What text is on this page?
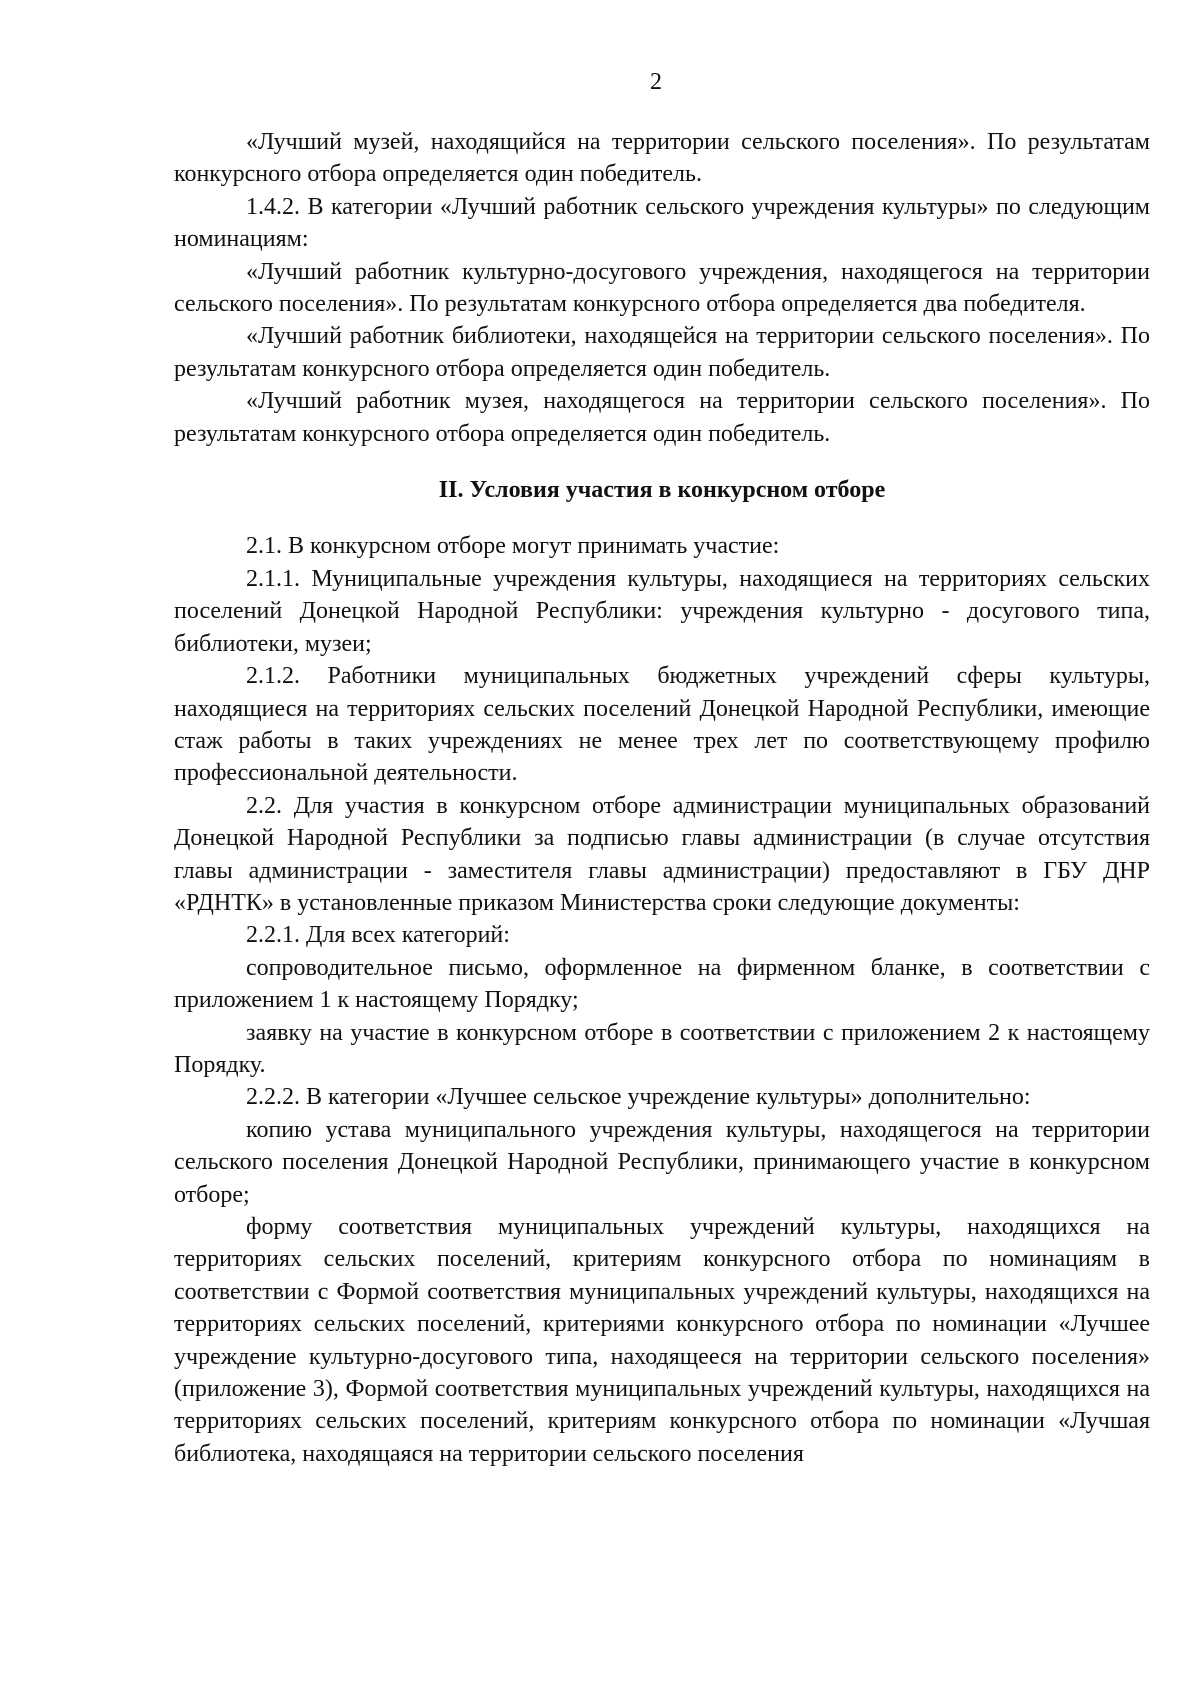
2

«Лучший музей, находящийся на территории сельского поселения». По результатам конкурсного отбора определяется один победитель.

1.4.2. В категории «Лучший работник сельского учреждения культуры» по следующим номинациям:

«Лучший работник культурно-досугового учреждения, находящегося на территории сельского поселения». По результатам конкурсного отбора определяется два победителя.

«Лучший работник библиотеки, находящейся на территории сельского поселения». По результатам конкурсного отбора определяется один победитель.

«Лучший работник музея, находящегося на территории сельского поселения». По результатам конкурсного отбора определяется один победитель.

II. Условия участия в конкурсном отборе

2.1. В конкурсном отборе могут принимать участие:

2.1.1. Муниципальные учреждения культуры, находящиеся на территориях сельских поселений Донецкой Народной Республики: учреждения культурно - досугового типа, библиотеки, музеи;

2.1.2. Работники муниципальных бюджетных учреждений сферы культуры, находящиеся на территориях сельских поселений Донецкой Народной Республики, имеющие стаж работы в таких учреждениях не менее трех лет по соответствующему профилю профессиональной деятельности.

2.2. Для участия в конкурсном отборе администрации муниципальных образований Донецкой Народной Республики за подписью главы администрации (в случае отсутствия главы администрации - заместителя главы администрации) предоставляют в ГБУ ДНР «РДНТК» в установленные приказом Министерства сроки следующие документы:

2.2.1. Для всех категорий:

сопроводительное письмо, оформленное на фирменном бланке, в соответствии с приложением 1 к настоящему Порядку;

заявку на участие в конкурсном отборе в соответствии с приложением 2 к настоящему Порядку.

2.2.2. В категории «Лучшее сельское учреждение культуры» дополнительно:

копию устава муниципального учреждения культуры, находящегося на территории сельского поселения Донецкой Народной Республики, принимающего участие в конкурсном отборе;

форму соответствия муниципальных учреждений культуры, находящихся на территориях сельских поселений, критериям конкурсного отбора по номинациям в соответствии с Формой соответствия муниципальных учреждений культуры, находящихся на территориях сельских поселений, критериями конкурсного отбора по номинации «Лучшее учреждение культурно-досугового типа, находящееся на территории сельского поселения» (приложение 3), Формой соответствия муниципальных учреждений культуры, находящихся на территориях сельских поселений, критериям конкурсного отбора по номинации «Лучшая библиотека, находящаяся на территории сельского поселения
